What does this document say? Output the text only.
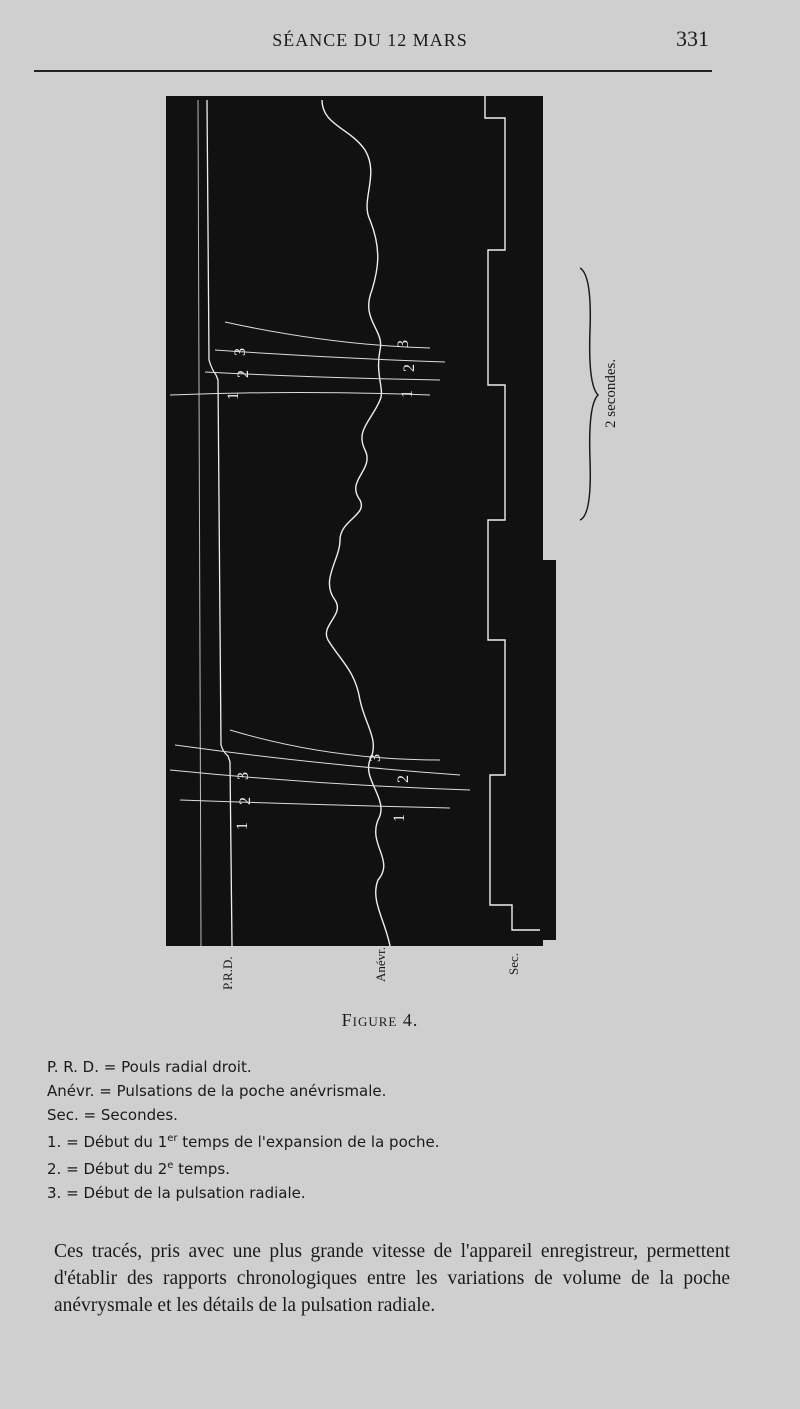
SÉANCE DU 12 MARS	331
1
2
3
1
2
3
1
2
3
1
2
3
P.R.D.	Anévr.	Sec.
2 secondes.
Figure 4.
P. R. D. = Pouls radial droit.
Anévr. = Pulsations de la poche anévrismale.
Sec. = Secondes.
1. = Début du 1er temps de l'expansion de la poche.
2. = Début du 2e temps.
3. = Début de la pulsation radiale.
Ces tracés, pris avec une plus grande vitesse de l'appareil enregistreur, permettent d'établir des rapports chronologiques entre les variations de volume de la poche anévrysmale et les détails de la pulsation radiale.
